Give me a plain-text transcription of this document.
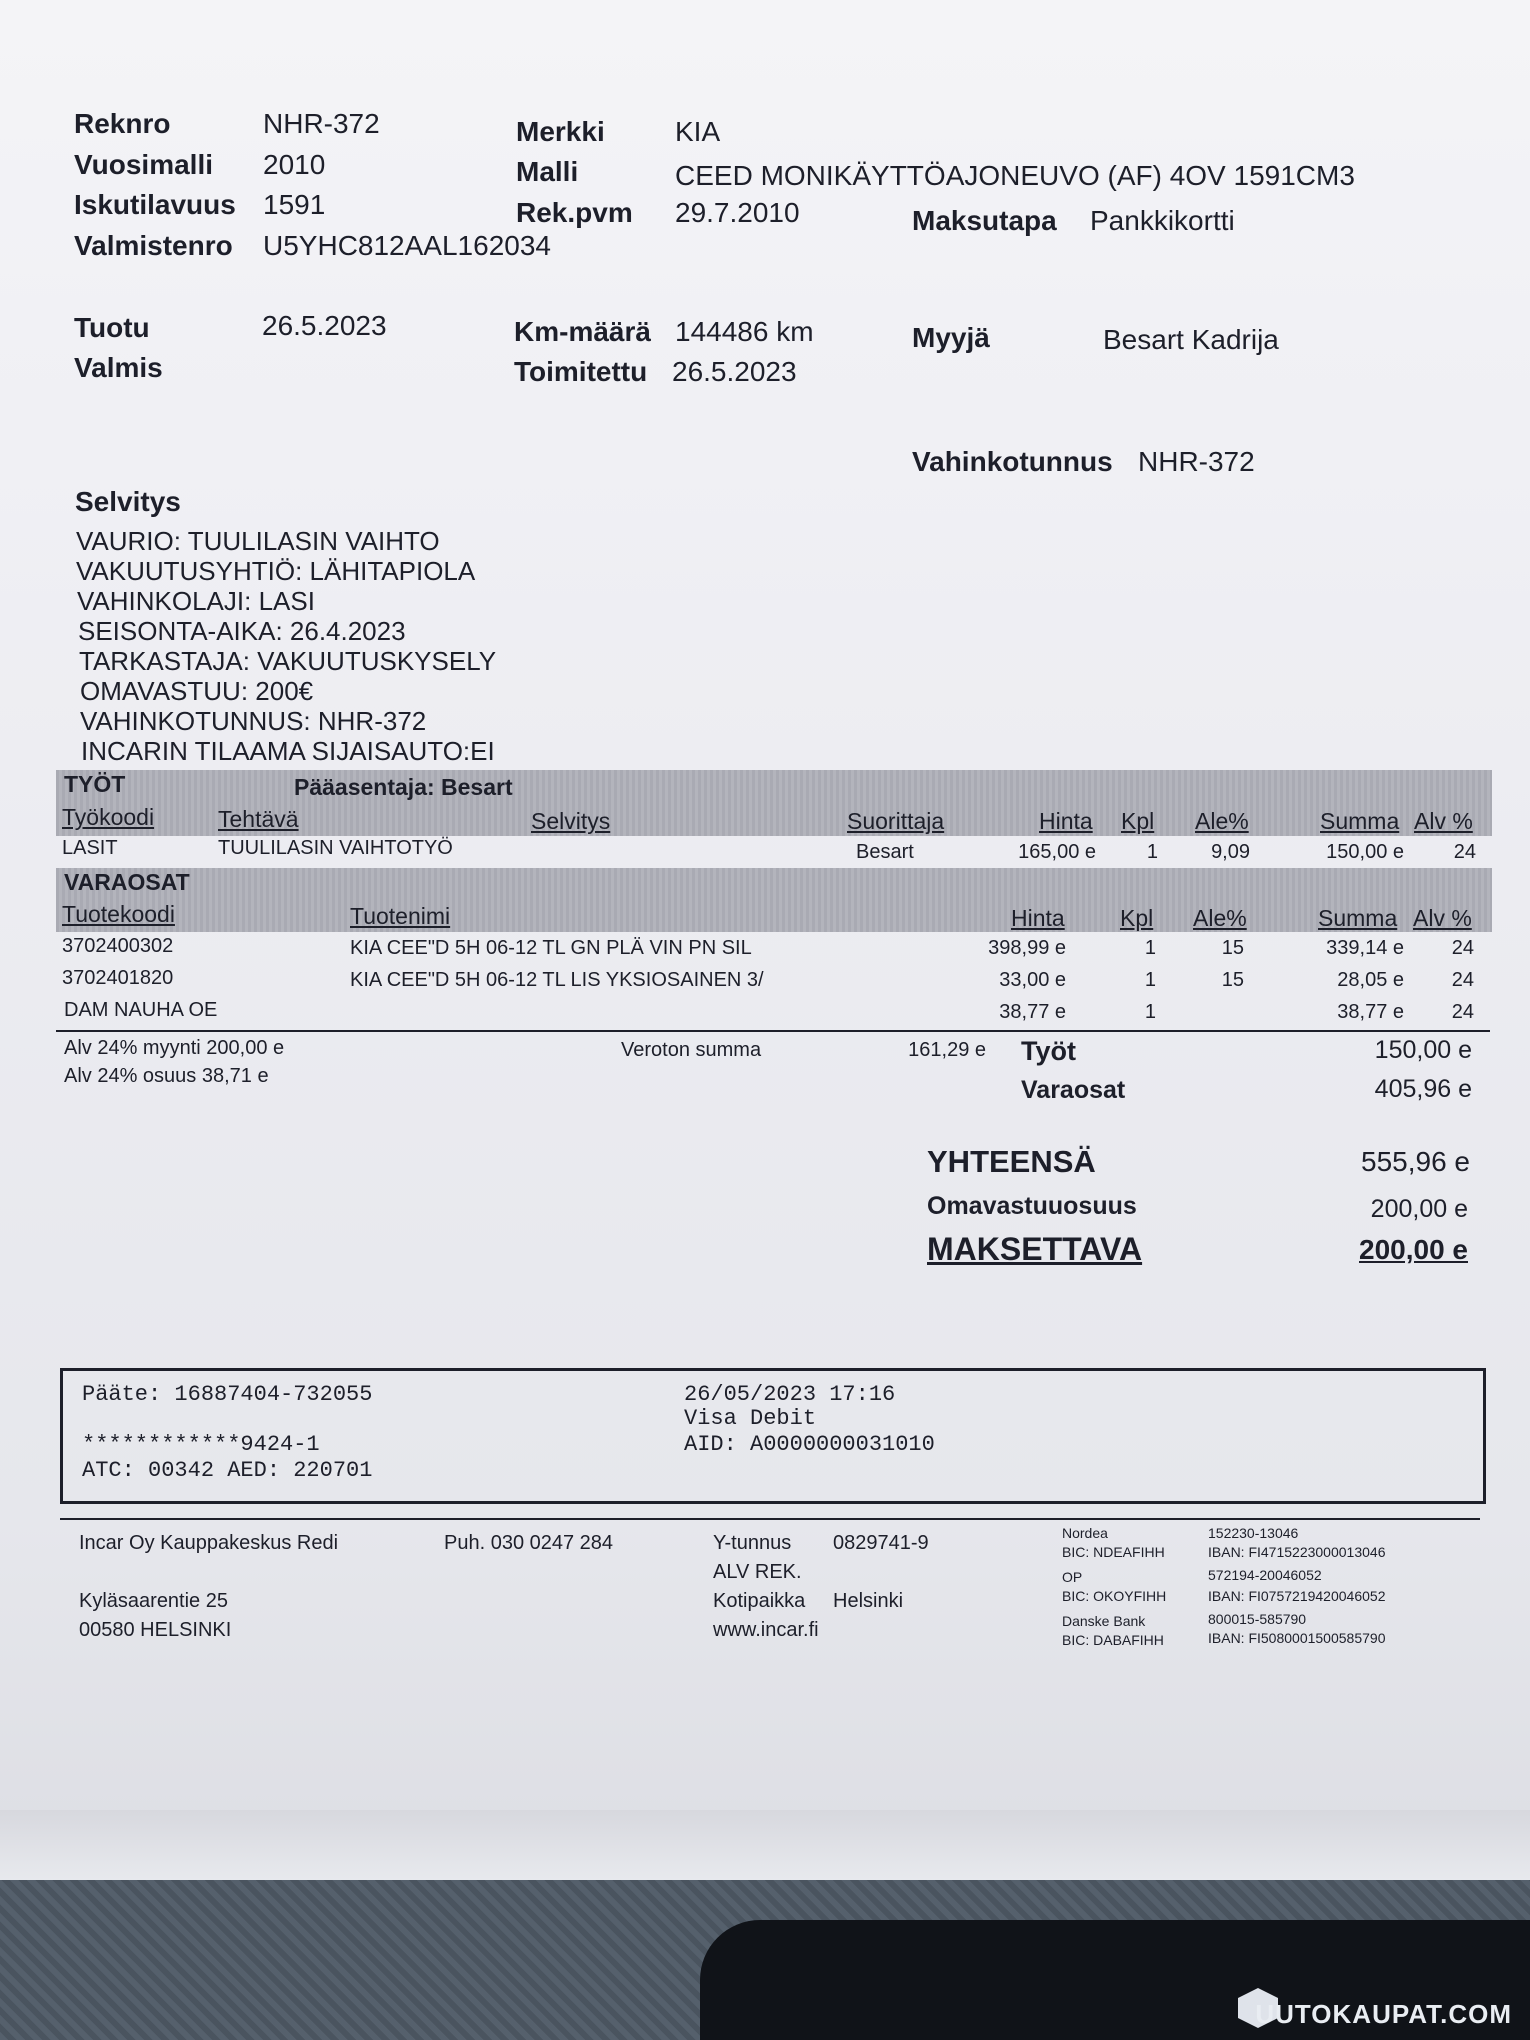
Reknro	NHR-372
Vuosimalli 2010
Iskutilavuus 1591
Valmistenro U5YHC812AAL162034
Merkki	KIA
Malli	CEED MONIKÄYTTÖAJONEUVO (AF) 4OV 1591CM3
Rek.pvm 29.7.2010	Maksutapa Pankkikortti
Tuotu	26.5.2023
Valmis
Km-määrä 144486 km
Toimitettu 26.5.2023
Myyjä	Besart Kadrija
Vahinkotunnus NHR-372
Selvitys
VAURIO: TUULILASIN VAIHTO
VAKUUTUSYHTIÖ: LÄHITAPIOLA
VAHINKOLAJI: LASI
SEISONTA-AIKA: 26.4.2023
TARKASTAJA: VAKUUTUSKYSELY
OMAVASTUU: 200€
VAHINKOTUNNUS: NHR-372
INCARIN TILAAMA SIJAISAUTO:EI
TYÖT	Pääasentaja: Besart
Työkoodi	Tehtävä	Selvitys	Suorittaja	Hinta Kpl Ale%	Summa Alv %
LASIT	TUULILASIN VAIHTOTYÖ	Besart	165,00 e	1	9,09	150,00 e	24
VARAOSAT
Tuotekoodi	Tuotenimi	Hinta Kpl Ale%	Summa Alv %
3702400302	KIA CEE"D 5H 06-12 TL GN PLÄ VIN PN SIL	398,99 e	1	15	339,14 e	24
3702401820	KIA CEE"D 5H 06-12 TL LIS YKSIOSAINEN 3/	33,00 e	1	15	28,05 e	24
DAM NAUHA OE	38,77 e	1	38,77 e	24
Alv 24% myynti 200,00 e
Alv 24% osuus 38,71 e
Veroton summa	161,29 e Työt	150,00 e
Varaosat	405,96 e
YHTEENSÄ	555,96 e
Omavastuuosuus	200,00 e
MAKSETTAVA	200,00 e
Pääte: 16887404-732055
************9424-1
ATC: 00342 AED: 220701
26/05/2023 17:16
Visa Debit
AID: A0000000031010
Incar Oy Kauppakeskus Redi	Puh. 030 0247 284
Kyläsaarentie 25
00580 HELSINKI
Y-tunnus 0829741-9
ALV REK.
Kotipaikka Helsinki
www.incar.fi
Nordea	152230-13046
BIC: NDEAFIHH	IBAN: FI4715223000013046
OP	572194-20046052
BIC: OKOYFIHH	IBAN: FI0757219420046052
Danske Bank	800015-585790
BIC: DABAFIHH	IBAN: FI5080001500585790
UUTOKAUPAT.COM
